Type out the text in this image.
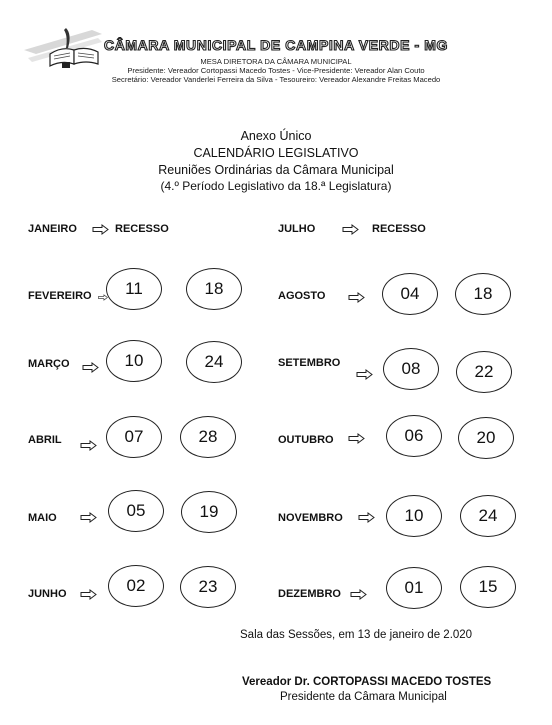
CÂMARA MUNICIPAL DE CAMPINA VERDE - MG
MESA DIRETORA DA CÂMARA MUNICIPAL
Presidente: Vereador Cortopassi Macedo Tostes - Vice-Presidente: Vereador Alan Couto
Secretário: Vereador Vanderlei Ferreira da Silva - Tesoureiro: Vereador Alexandre Freitas Macedo
Anexo Único
CALENDÁRIO LEGISLATIVO
Reuniões Ordinárias da Câmara Municipal
(4.º Período Legislativo da 18.ª Legislatura)
JANEIRO	RECESSO
FEVEREIRO	11	18
MARÇO	10	24
ABRIL	07	28
MAIO	05	19
JUNHO	02	23
JULHO	RECESSO
AGOSTO	04	18
SETEMBRO	08	22
OUTUBRO	06	20
NOVEMBRO	10	24
DEZEMBRO	01	15
Sala das Sessões, em 13 de janeiro de 2.020
Vereador Dr. CORTOPASSI MACEDO TOSTES
Presidente da Câmara Municipal
